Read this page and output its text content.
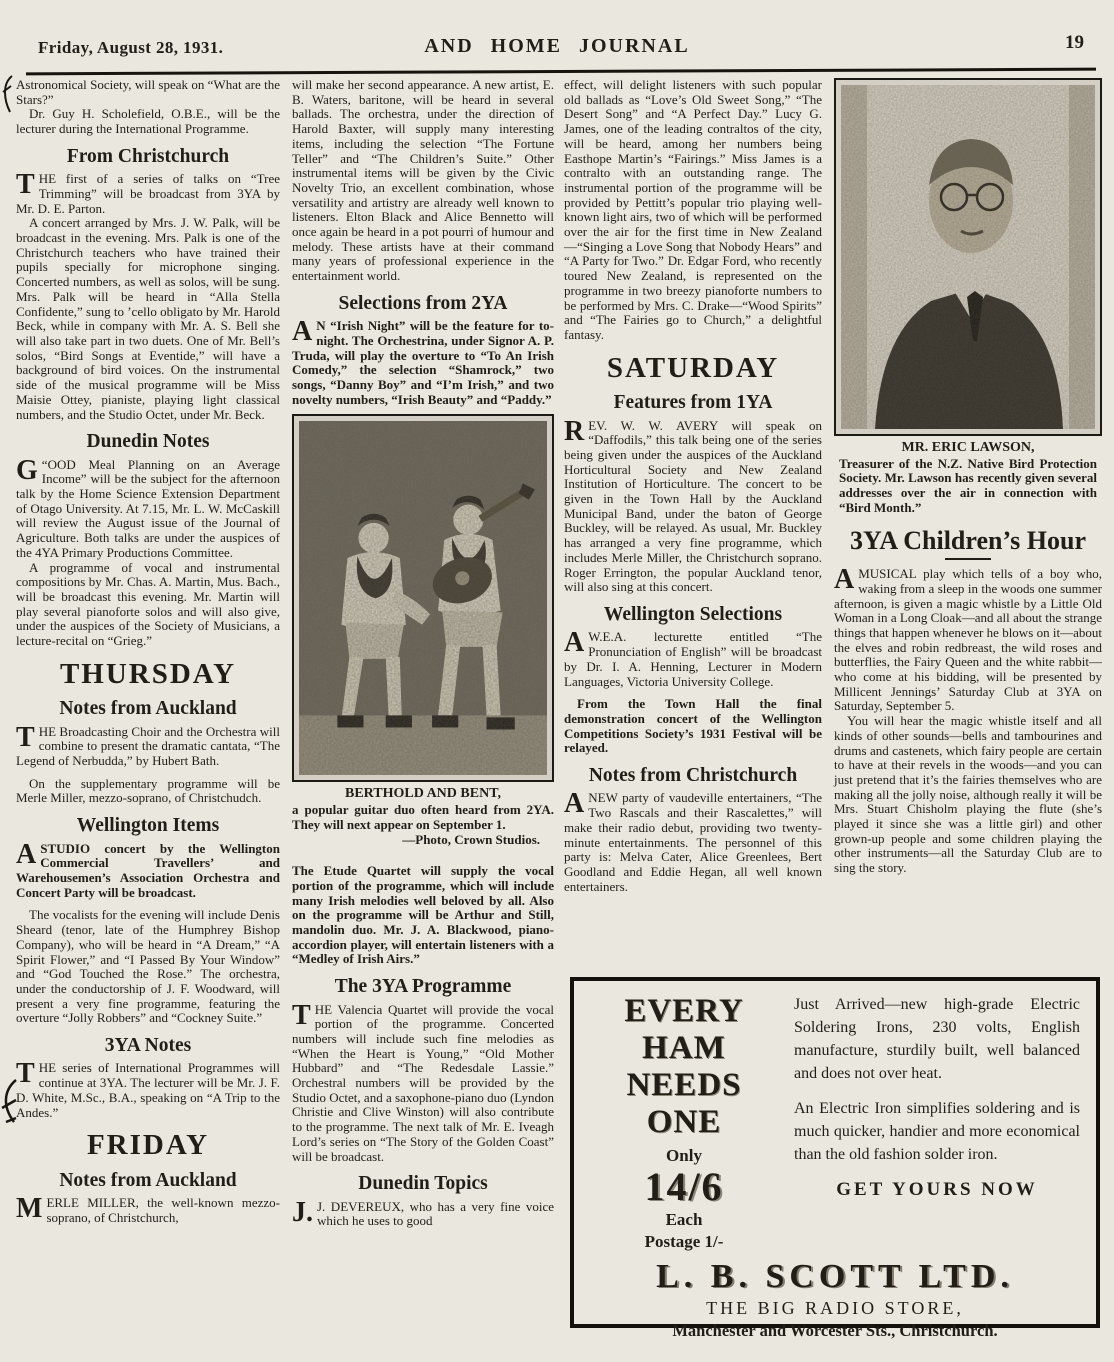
Friday, August 28, 1931.	AND HOME JOURNAL	19

Astronomical Society, will speak on “What are the Stars?”

Dr. Guy H. Scholefield, O.B.E., will be the lecturer during the International Programme.

From Christchurch

THE first of a series of talks on “Tree Trimming” will be broadcast from 3YA by Mr. D. E. Parton.

A concert arranged by Mrs. J. W. Palk, will be broadcast in the evening. Mrs. Palk is one of the Christchurch teachers who have trained their pupils specially for microphone singing. Concerted numbers, as well as solos, will be sung. Mrs. Palk will be heard in “Alla Stella Confidente,” sung to ’cello obligato by Mr. Harold Beck, while in company with Mr. A. S. Bell she will also take part in two duets. One of Mr. Bell’s solos, “Bird Songs at Eventide,” will have a background of bird voices. On the instrumental side of the musical programme will be Miss Maisie Ottey, pianiste, playing light classical numbers, and the Studio Octet, under Mr. Beck.

Dunedin Notes

“
G OOD Meal Planning on an Average Income” will be the subject for the afternoon talk by the Home Science Extension Department of Otago University. At 7.15, Mr. L. W. McCaskill will review the August issue of the Journal of Agriculture. Both talks are under the auspices of the 4YA Primary Productions Committee.

A programme of vocal and instrumental compositions by Mr. Chas. A. Martin, Mus. Bach., will be broadcast this evening. Mr. Martin will play several pianoforte solos and will also give, under the auspices of the Society of Musicians, a lecture-recital on “Grieg.”

THURSDAY
Notes from Auckland

THE Broadcasting Choir and the Orchestra will combine to present the dramatic cantata, “The Legend of Nerbudda,” by Hubert Bath.

On the supplementary programme will be Merle Miller, mezzo-soprano, of Christchudch.

Wellington Items

A STUDIO concert by the Wellington Commercial Travellers’ and Warehousemen’s Association Orchestra and Concert Party will be broadcast.

The vocalists for the evening will include Denis Sheard (tenor, late of the Humphrey Bishop Company), who will be heard in “A Dream,” “A Spirit Flower,” and “I Passed By Your Window” and “God Touched the Rose.” The orchestra, under the conductorship of J. F. Woodward, will present a very fine programme, featuring the overture “Jolly Robbers” and “Cockney Suite.”

3YA Notes

THE series of International Programmes will continue at 3YA. The lecturer will be Mr. J. F. D. White, M.Sc., B.A., speaking on “A Trip to the Andes.”

FRIDAY
Notes from Auckland

MERLE MILLER, the well-known mezzo-soprano, of Christchurch,

will make her second appearance. A new artist, E. B. Waters, baritone, will be heard in several ballads. The orchestra, under the direction of Harold Baxter, will supply many interesting items, including the selection “The Fortune Teller” and “The Children’s Suite.” Other instrumental items will be given by the Civic Novelty Trio, an excellent combination, whose versatility and artistry are already well known to listeners. Elton Black and Alice Bennetto will once again be heard in a pot pourri of humour and melody. These artists have at their command many years of professional experience in the entertainment world.

Selections from 2YA

A N “Irish Night” will be the feature for to-night. The Orchestrina, under Signor A. P. Truda, will play the overture to “To An Irish Comedy,” the selection “Shamrock,” two songs, “Danny Boy” and “I’m Irish,” and two novelty numbers, “Irish Beauty” and “Paddy.”

BERTHOLD AND BENT,
a popular guitar duo often heard from 2YA. They will next appear on September 1.
—Photo, Crown Studios.

The Etude Quartet will supply the vocal portion of the programme, which will include many Irish melodies well beloved by all. Also on the programme will be Arthur and Still, mandolin duo. Mr. J. A. Blackwood, piano-accordion player, will entertain listeners with a “Medley of Irish Airs.”

The 3YA Programme

THE Valencia Quartet will provide the vocal portion of the programme. Concerted numbers will include such fine melodies as “When the Heart is Young,” “Old Mother Hubbard” and “The Redesdale Lassie.” Orchestral numbers will be provided by the Studio Octet, and a saxophone-piano duo (Lyndon Christie and Clive Winston) will also contribute to the programme. The next talk of Mr. E. Iveagh Lord’s series on “The Story of the Golden Coast” will be broadcast.

Dunedin Topics

J. J. DEVEREUX, who has a very fine voice which he uses to good

effect, will delight listeners with such popular old ballads as “Love’s Old Sweet Song,” “The Desert Song” and “A Perfect Day.” Lucy G. James, one of the leading contraltos of the city, will be heard, among her numbers being Easthope Martin’s “Fairings.” Miss James is a contralto with an outstanding range. The instrumental portion of the programme will be provided by Pettitt’s popular trio playing well-known light airs, two of which will be performed over the air for the first time in New Zealand—“Singing a Love Song that Nobody Hears” and “A Party for Two.” Dr. Edgar Ford, who recently toured New Zealand, is represented on the programme in two breezy pianoforte numbers to be performed by Mrs. C. Drake—“Wood Spirits” and “The Fairies go to Church,” a delightful fantasy.

SATURDAY
Features from 1YA

REV. W. W. AVERY will speak on “Daffodils,” this talk being one of the series being given under the auspices of the Auckland Horticultural Society and New Zealand Institution of Horticulture. The concert to be given in the Town Hall by the Auckland Municipal Band, under the baton of George Buckley, will be relayed. As usual, Mr. Buckley has arranged a very fine programme, which includes Merle Miller, the Christchurch soprano. Roger Errington, the popular Auckland tenor, will also sing at this concert.

Wellington Selections

A W.E.A. lecturette entitled “The Pronunciation of English” will be broadcast by Dr. I. A. Henning, Lecturer in Modern Languages, Victoria University College.

From the Town Hall the final demonstration concert of the Wellington Competitions Society’s 1931 Festival will be relayed.

Notes from Christchurch

A NEW party of vaudeville entertainers, “The Two Rascals and their Rascalettes,” will make their radio debut, providing two twenty-minute entertainments. The personnel of this party is: Melva Cater, Alice Greenlees, Bert Goodland and Eddie Hegan, all well known entertainers.

MR. ERIC LAWSON,
Treasurer of the N.Z. Native Bird Protection Society. Mr. Lawson has recently given several addresses over the air in connection with “Bird Month.”
3YA Children’s Hour

A MUSICAL play which tells of a boy who, waking from a sleep in the woods one summer afternoon, is given a magic whistle by a Little Old Woman in a Long Cloak—and all about the strange things that happen whenever he blows on it—about the elves and robin redbreast, the wild roses and butterflies, the Fairy Queen and the white rabbit—who come at his bidding, will be presented by Millicent Jennings’ Saturday Club at 3YA on Saturday, September 5.

You will hear the magic whistle itself and all kinds of other sounds—bells and tambourines and drums and castenets, which fairy people are certain to have at their revels in the woods—and you can just pretend that it’s the fairies themselves who are making all the jolly noise, although really it will be Mrs. Stuart Chisholm playing the flute (she’s played it since she was a little girl) and other grown-up people and some children playing the other instruments—all the Saturday Club are to sing the story.

EVERY
HAM
NEEDS
ONE
Only
14/6
Each
Postage 1/-

Just Arrived—new high-grade Electric Soldering Irons, 230 volts, English manufacture, sturdily built, well balanced and does not over heat.

An Electric Iron simplifies soldering and is much quicker, handier and more economical than the old fashion solder iron.

GET YOURS NOW
L. B. SCOTT LTD.
THE BIG RADIO STORE,
Manchester and Worcester Sts., Christchurch.
